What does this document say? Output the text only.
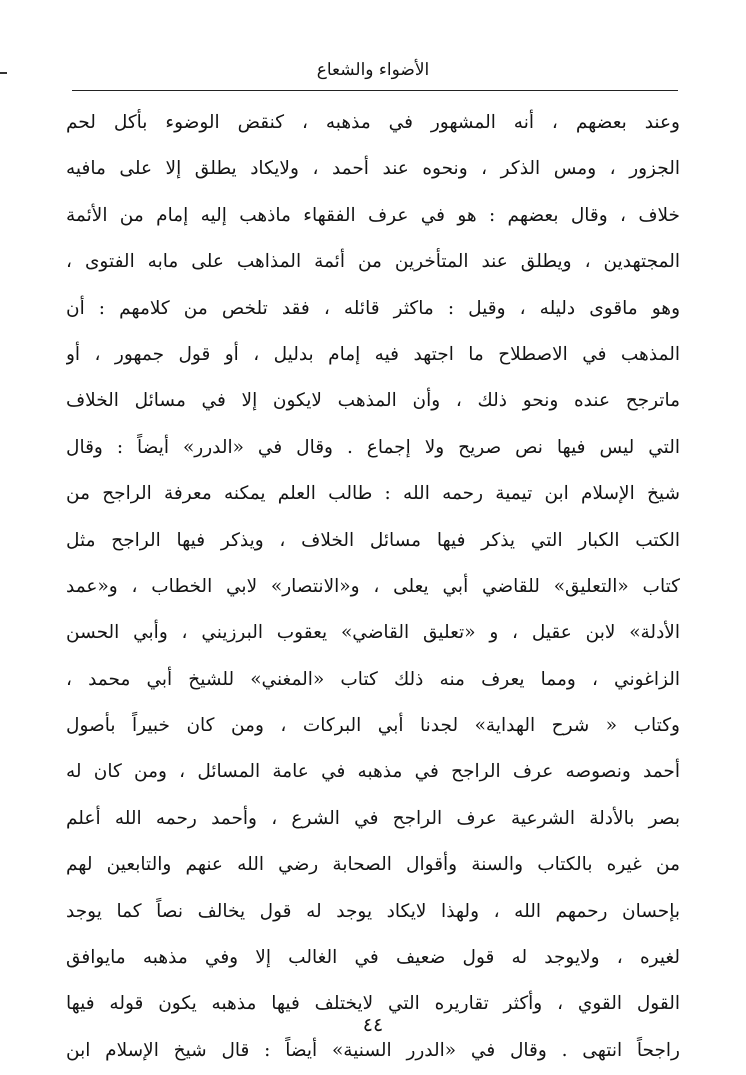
الأضواء والشعاع
وعند بعضهم ، أنه المشهور في مذهبه ، كنقض الوضوء بأكل لحم
الجزور ، ومس الذكر ، ونحوه عند أحمد ، ولايكاد يطلق إلا على مافيه
خلاف ، وقال بعضهم : هو في عرف الفقهاء ماذهب إليه إمام من الأئمة
المجتهدين ، ويطلق عند المتأخرين من أئمة المذاهب على مابه الفتوى ،
وهو ماقوى دليله ، وقيل : ماكثر قائله ، فقد تلخص من كلامهم : أن
المذهب في الاصطلاح ما اجتهد فيه إمام بدليل ، أو قول جمهور ، أو
ماترجح عنده ونحو ذلك ، وأن المذهب لايكون إلا في مسائل الخلاف
التي ليس فيها نص صريح ولا إجماع . وقال في «الدرر» أيضاً : وقال
شيخ الإسلام ابن تيمية رحمه الله : طالب العلم يمكنه معرفة الراجح من
الكتب الكبار التي يذكر فيها مسائل الخلاف ، ويذكر فيها الراجح مثل
كتاب «التعليق» للقاضي أبي يعلى ، و«الانتصار» لابي الخطاب ، و«عمد
الأدلة» لابن عقيل ، و «تعليق القاضي» يعقوب البرزيني ، وأبي الحسن
الزاغوني ، ومما يعرف منه ذلك كتاب «المغني» للشيخ أبي محمد ،
وكتاب « شرح الهداية» لجدنا أبي البركات ، ومن كان خبيراً بأصول
أحمد ونصوصه عرف الراجح في مذهبه في عامة المسائل ، ومن كان له
بصر بالأدلة الشرعية عرف الراجح في الشرع ، وأحمد رحمه الله أعلم
من غيره بالكتاب والسنة وأقوال الصحابة رضي الله عنهم والتابعين لهم
بإحسان رحمهم الله ، ولهذا لايكاد يوجد له قول يخالف نصاً كما يوجد
لغيره ، ولايوجد له قول ضعيف في الغالب إلا وفي مذهبه مايوافق
القول القوي ، وأكثر تقاريره التي لايختلف فيها مذهبه يكون قوله فيها
راجحاً انتهى . وقال في «الدرر السنية» أيضاً : قال شيخ الإسلام ابن
٤٤
